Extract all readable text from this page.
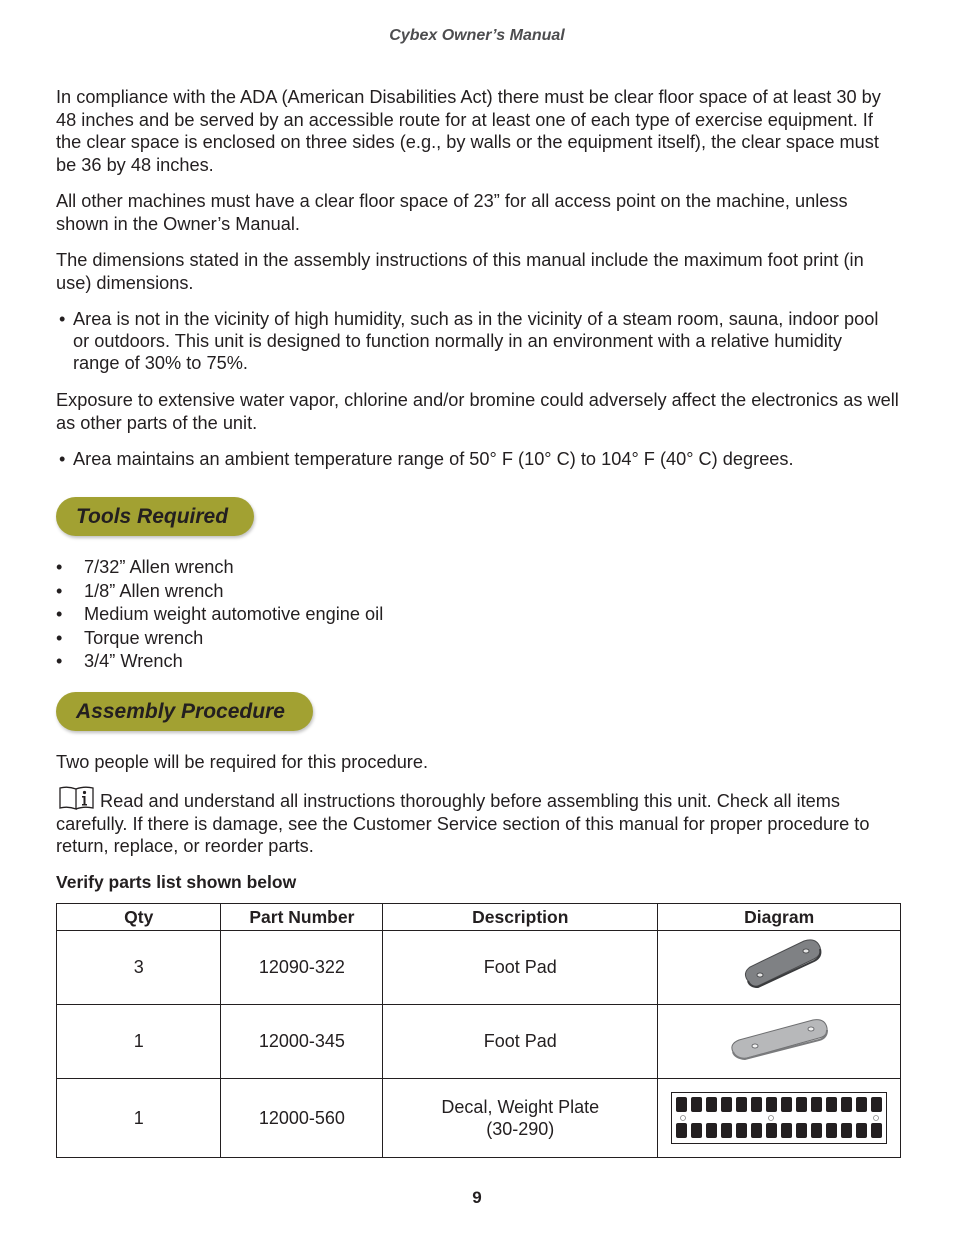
Cybex Owner’s Manual

In compliance with the ADA (American Disabilities Act) there must be clear floor space of at least 30 by 48 inches and be served by an accessible route for at least one of each type of exercise equipment. If the clear space is enclosed on three sides (e.g., by walls or the equipment itself), the clear space must be 36 by 48 inches.

All other machines must have a clear floor space of 23” for all access point on the machine, unless shown in the Owner’s Manual.

The dimensions stated in the assembly instructions of this manual include the maximum foot print (in use) dimensions.

• Area is not in the vicinity of high humidity, such as in the vicinity of a steam room, sauna, indoor pool or outdoors. This unit is designed to function normally in an environment with a relative humidity range of 30% to 75%.

Exposure to extensive water vapor, chlorine and/or bromine could adversely affect the electronics as well as other parts of the unit.

• Area maintains an ambient temperature range of 50° F (10° C) to 104° F (40° C) degrees.
Tools Required
• 7/32” Allen wrench
• 1/8” Allen wrench
• Medium weight automotive engine oil
• Torque wrench
• 3/4” Wrench
Assembly Procedure

Two people will be required for this procedure.

Read and understand all instructions thoroughly before assembling this unit. Check all items carefully. If there is damage, see the Customer Service section of this manual for proper procedure to return, replace, or reorder parts.
Verify parts list shown below
Qty	Part Number	Description	Diagram
3	12090-322	Foot Pad	
1	12000-345	Foot Pad	
1	12000-560	Decal, Weight Plate
(30-290)

9
